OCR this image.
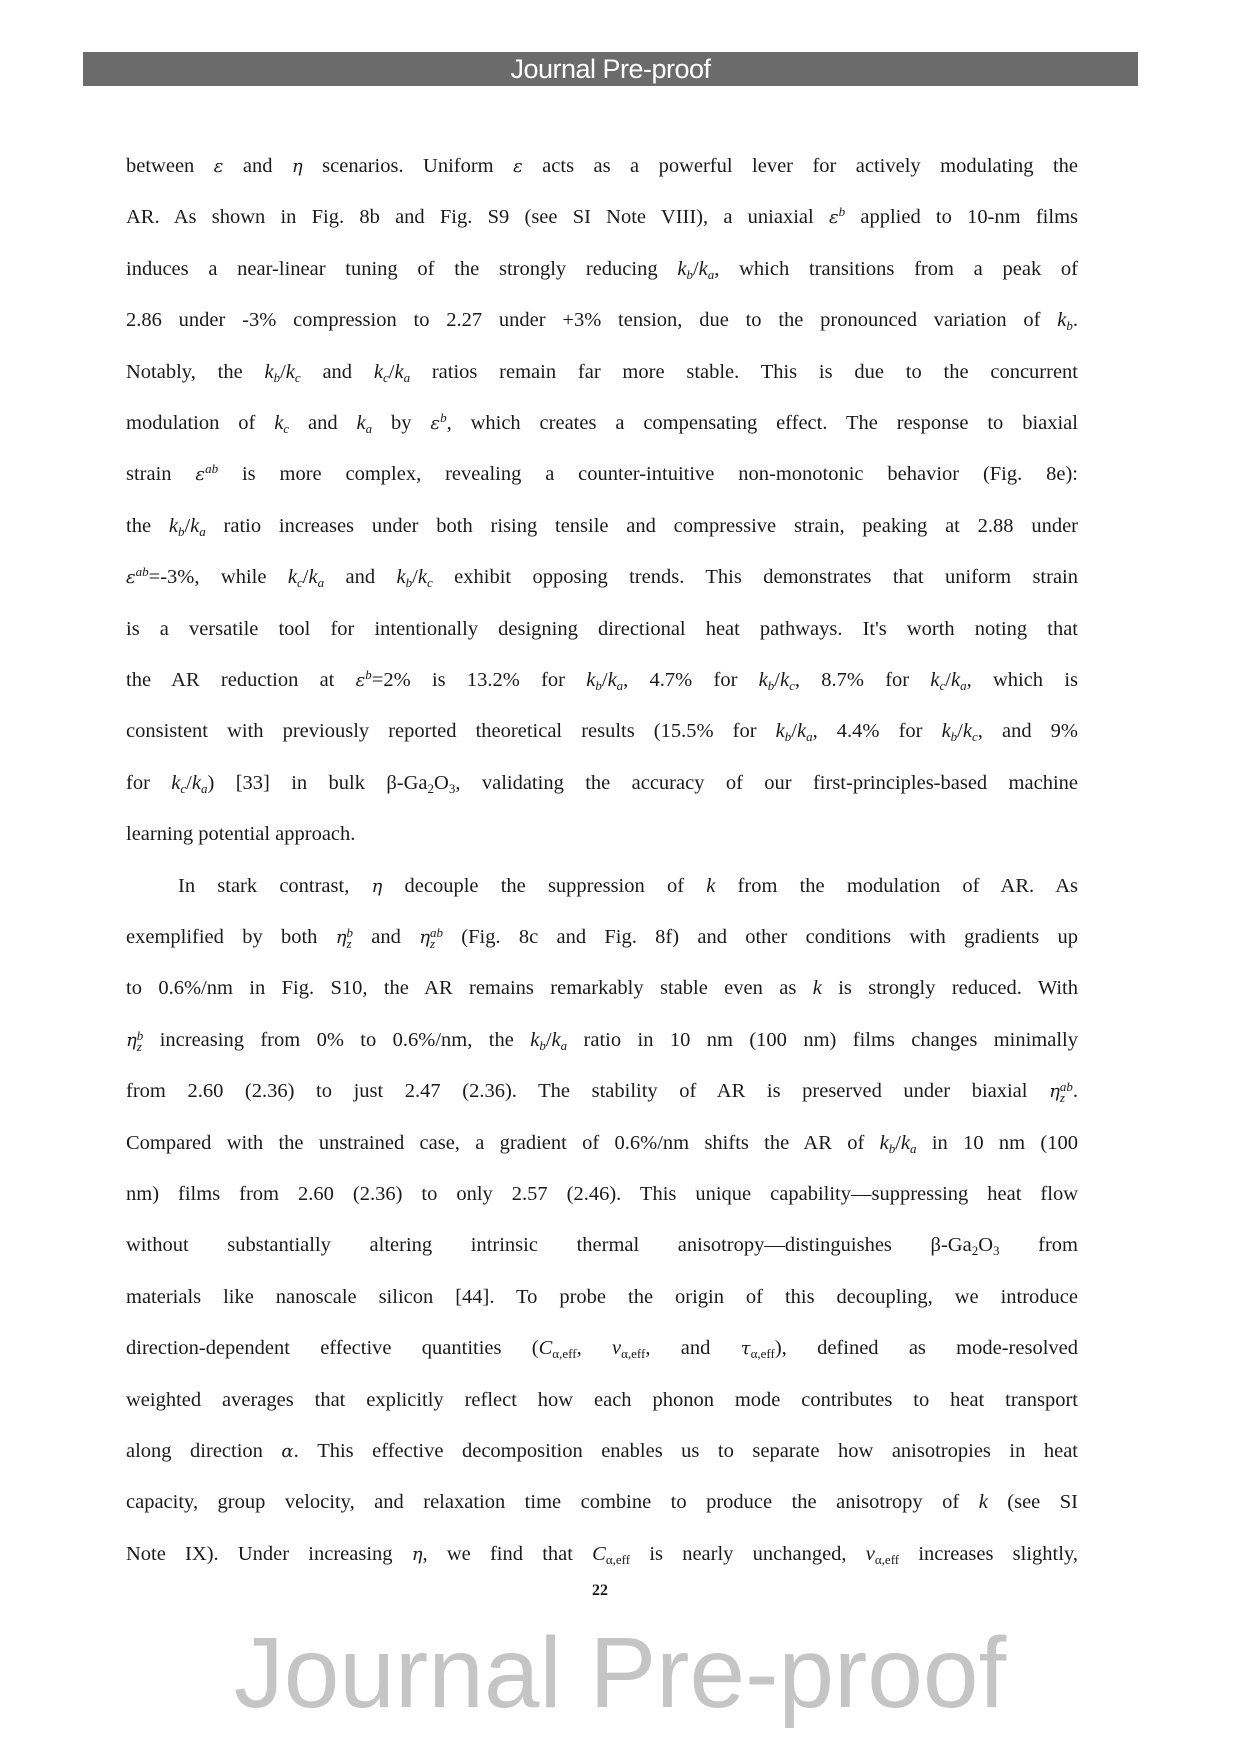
Journal Pre-proof
between ε and η scenarios. Uniform ε acts as a powerful lever for actively modulating the
AR. As shown in Fig. 8b and Fig. S9 (see SI Note VIII), a uniaxial $\varepsilon^b$ applied to 10-nm films
induces a near-linear tuning of the strongly reducing $k_b/k_a$, which transitions from a peak of
2.86 under -3% compression to 2.27 under +3% tension, due to the pronounced variation of $k_b$.
Notably, the $k_b/k_c$ and $k_c/k_a$ ratios remain far more stable. This is due to the concurrent
modulation of $k_c$ and $k_a$ by $\varepsilon^b$, which creates a compensating effect. The response to biaxial
strain $\varepsilon^{ab}$ is more complex, revealing a counter-intuitive non-monotonic behavior (Fig. 8e):
the $k_b/k_a$ ratio increases under both rising tensile and compressive strain, peaking at 2.88 under
$\varepsilon^{ab}=-3\%$, while $k_c/k_a$ and $k_b/k_c$ exhibit opposing trends. This demonstrates that uniform strain
is a versatile tool for intentionally designing directional heat pathways. It's worth noting that
the AR reduction at $\varepsilon^b=2\%$ is 13.2% for $k_b/k_a$, 4.7% for $k_b/k_c$, 8.7% for $k_c/k_a$, which is
consistent with previously reported theoretical results (15.5% for $k_b/k_a$, 4.4% for $k_b/k_c$, and 9%
for $k_c/k_a$) [33] in bulk $\beta-Ga_2O_3$, validating the accuracy of our first-principles-based machine
learning potential approach.
In stark contrast, η decouple the suppression of k from the modulation of AR. As
exemplified by both η b
z and η ab
z (Fig. 8c and Fig. 8f) and other conditions with gradients up
to 0.6%/nm in Fig. S10, the AR remains remarkably stable even as k is strongly reduced. With
η b
z increasing from 0% to 0.6%/nm, the $k_b/k_a$ ratio in 10 nm (100 nm) films changes minimally
from 2.60 (2.36) to just 2.47 (2.36). The stability of AR is preserved under biaxial η ab
z .
Compared with the unstrained case, a gradient of 0.6%/nm shifts the AR of $k_b/k_a$ in 10 nm (100
nm) films from 2.60 (2.36) to only 2.57 (2.46). This unique capability—suppressing heat flow
without substantially altering intrinsic thermal anisotropy—distinguishes $\beta-Ga_2O_3$ from
materials like nanoscale silicon [44]. To probe the origin of this decoupling, we introduce
direction-dependent effective quantities ($C_{\alpha,eff}$, $v_{\alpha,eff}$, and $\tau_{\alpha,eff}$), defined as mode-resolved
weighted averages that explicitly reflect how each phonon mode contributes to heat transport
along direction α. This effective decomposition enables us to separate how anisotropies in heat
capacity, group velocity, and relaxation time combine to produce the anisotropy of k (see SI
Note IX). Under increasing η, we find that $C_{\alpha,eff}$ is nearly unchanged, $v_{\alpha,eff}$ increases slightly,
22
Journal Pre-proof
